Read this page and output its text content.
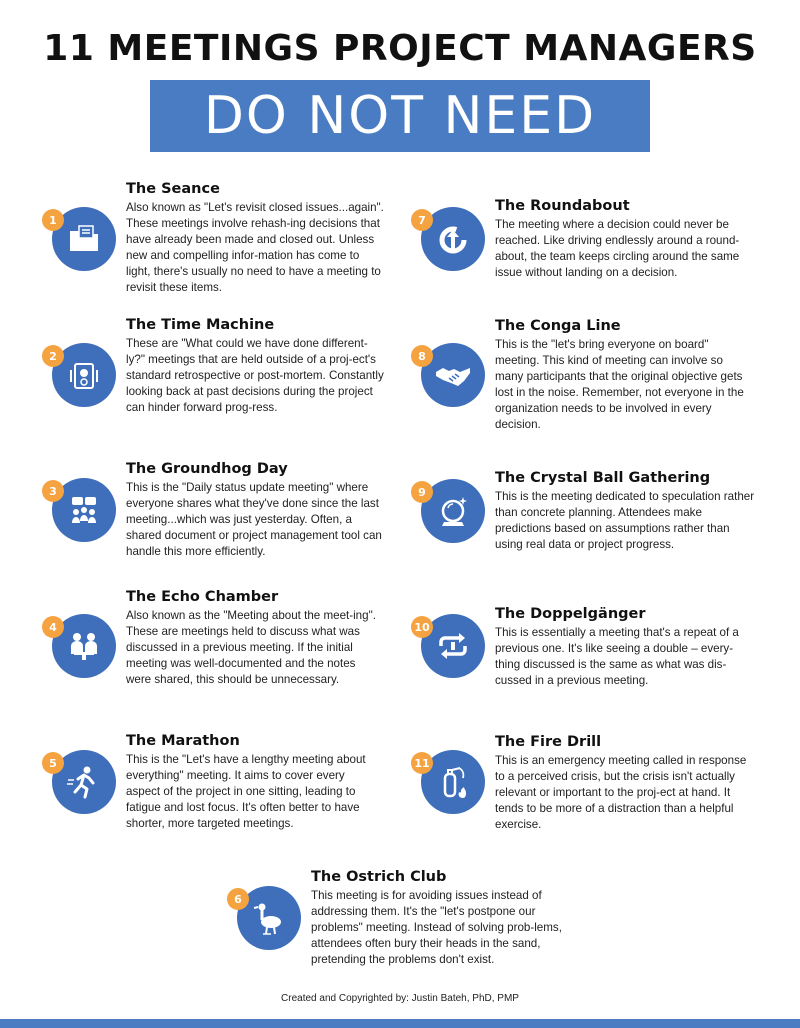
11 MEETINGS PROJECT MANAGERS
DO NOT NEED
1
The Seance

Also known as "Let's revisit closed issues...again". These meetings involve rehash-ing decisions that have already been made and closed out. Unless new and compelling infor-mation has come to light, there's usually no need to have a meeting to revisit these items.

2
The Time Machine

These are "What could we have done different-ly?" meetings that are held outside of a proj-ect's standard retrospective or post-mortem. Constantly looking back at past decisions during the project can hinder forward prog-ress.

3
The Groundhog Day

This is the "Daily status update meeting" where everyone shares what they've done since the last meeting...which was just yesterday. Often, a shared document or project management tool can handle this more efficiently.

4
The Echo Chamber

Also known as the "Meeting about the meet-ing". These are meetings held to discuss what was discussed in a previous meeting. If the initial meeting was well-documented and the notes were shared, this should be unnecessary.

5
The Marathon

This is the "Let's have a lengthy meeting about everything" meeting. It aims to cover every aspect of the project in one sitting, leading to fatigue and lost focus. It's often better to have shorter, more targeted meetings.

6
The Ostrich Club

This meeting is for avoiding issues instead of addressing them. It's the "let's postpone our problems" meeting. Instead of solving prob-lems, attendees often bury their heads in the sand, pretending the problems don't exist.

7
The Roundabout

The meeting where a decision could never be reached. Like driving endlessly around a round-about, the team keeps circling around the same issue without landing on a decision.

8
The Conga Line

This is the "let's bring everyone on board" meeting. This kind of meeting can involve so many participants that the original objective gets lost in the noise. Remember, not everyone in the organization needs to be involved in every decision.

9
The Crystal Ball Gathering

This is the meeting dedicated to speculation rather than concrete planning. Attendees make predictions based on assumptions rather than using real data or project progress.

10
The Doppelgänger

This is essentially a meeting that's a repeat of a previous one. It's like seeing a double – every-thing discussed is the same as what was dis-cussed in a previous meeting.

11
The Fire Drill

This is an emergency meeting called in response to a perceived crisis, but the crisis isn't actually relevant or important to the proj-ect at hand. It tends to be more of a distraction than a helpful exercise.

Created and Copyrighted by: Justin Bateh, PhD, PMP
